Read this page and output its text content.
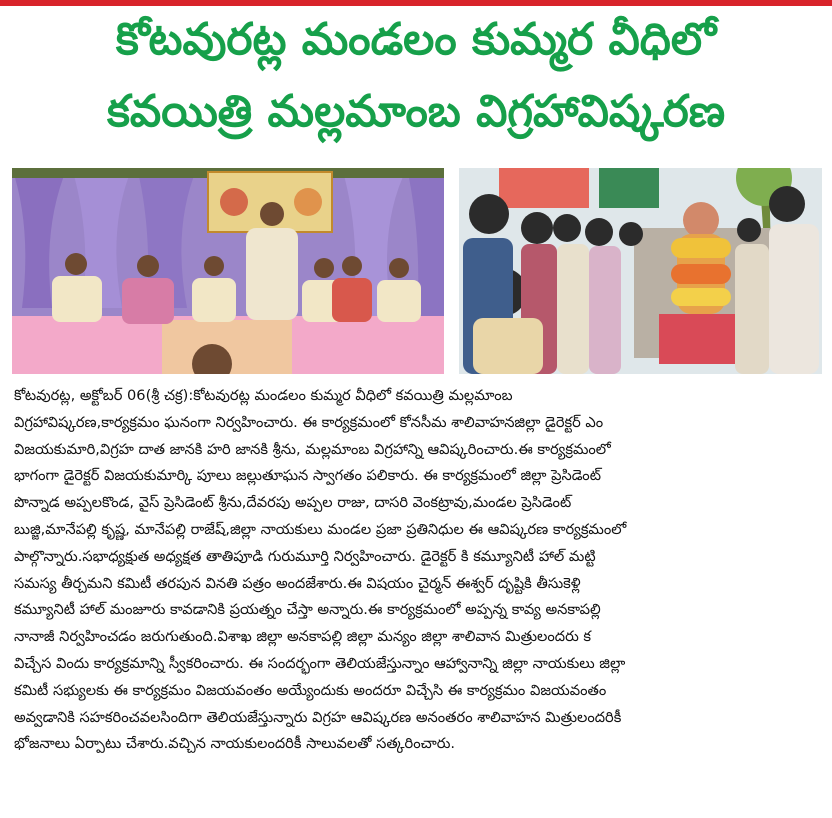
కోటవురట్ల మండలం కుమ్మర వీధిలో
కవయిత్రి మల్లమాంబ విగ్రహావిష్కరణ
కోటవురట్ల, అక్టోబర్ 06(శ్రీ చక్ర):కోటవురట్ల మండలం కుమ్మర వీధిలో కవయిత్రి మల్లమాంబ
విగ్రహావిష్కరణ,కార్యక్రమం ఘనంగా నిర్వహించారు. ఈ కార్యక్రమంలో కోనసీమ శాలివాహనజిల్లా డైరెక్టర్ ఎం
విజయకుమారి,విగ్రహ దాత జానకి హరి జానకి శ్రీను, మల్లమాంబ విగ్రహాన్ని ఆవిష్కరించారు.ఈ కార్యక్రమంలో
భాగంగా డైరెక్టర్ విజయకుమార్కి పూలు జల్లుతూఘన స్వాగతం పలికారు. ఈ కార్యక్రమంలో జిల్లా ప్రెసిడెంట్
పొన్నాడ అప్పలకొండ, వైస్ ప్రెసిడెంట్ శ్రీను,దేవరపు అప్పల రాజు, దాసరి వెంకట్రావు,మండల ప్రెసిడెంట్
బుజ్జి,మానేపల్లి కృష్ణ, మానేపల్లి రాజేష్,జిల్లా నాయకులు మండల ప్రజా ప్రతినిధుల ఈ ఆవిష్కరణ కార్యక్రమంలో
పాల్గొన్నారు.సభాధ్యక్షుత అధ్యక్షత తాతిపూడి గురుమూర్తి నిర్వహించారు. డైరెక్టర్ కి కమ్యూనిటీ హాల్ మట్టి
సమస్య తీర్చమని కమిటీ తరపున వినతి పత్రం అందజేశారు.ఈ విషయం చైర్మన్ ఈశ్వర్ దృష్టికి తీసుకెళ్లి
కమ్యూనిటీ హాల్ మంజూరు కావడానికి ప్రయత్నం చేస్తా అన్నారు.ఈ కార్యక్రమంలో అప్పన్న కావ్య అనకాపల్లి
నానాజీ నిర్వహించడం జరుగుతుంది.విశాఖ జిల్లా అనకాపల్లి జిల్లా మన్యం జిల్లా శాలివాన మిత్రులందరు క
విచ్చేస విందు కార్యక్రమాన్ని స్వీకరించారు. ఈ సందర్భంగా తెలియజేస్తున్నాం ఆహ్వానాన్ని జిల్లా నాయకులు జిల్లా
కమిటీ సభ్యులకు ఈ కార్యక్రమం విజయవంతం అయ్యేందుకు అందరూ విచ్చేసి ఈ కార్యక్రమం విజయవంతం
అవ్వడానికి సహకరించవలసిందిగా తెలియజేస్తున్నారు విగ్రహ ఆవిష్కరణ అనంతరం శాలివాహన మిత్రులందరికీ
భోజనాలు ఏర్పాటు చేశారు.వచ్చిన నాయకులందరికీ సాలువలతో సత్కరించారు.
